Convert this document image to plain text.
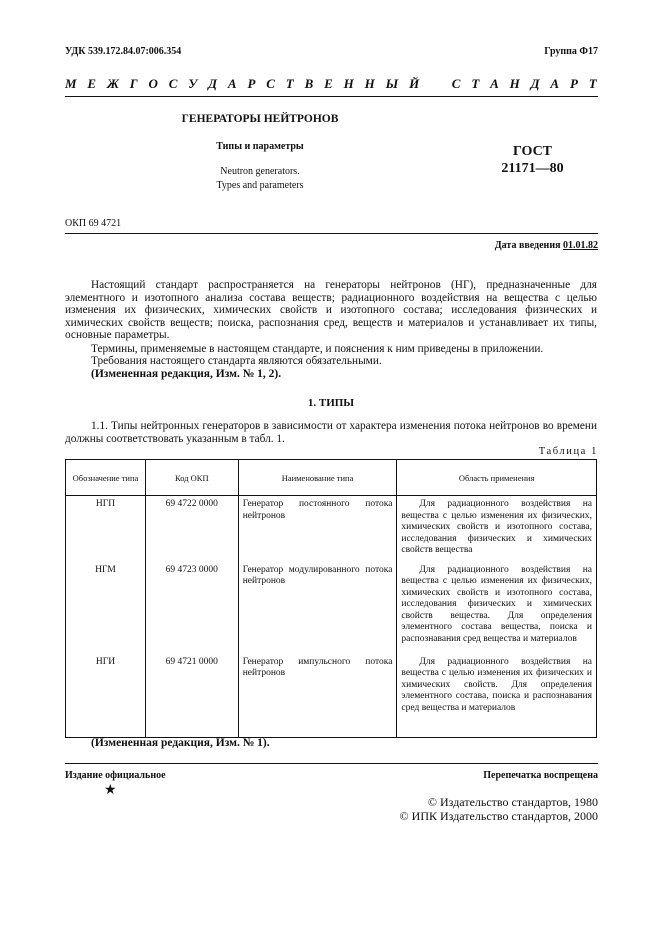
УДК 539.172.84.07:006.354	Группа Ф17
М Е Ж Г О С У Д А Р С Т В Е Н Н Ы Й	С Т А Н Д А Р Т
ГЕНЕРАТОРЫ НЕЙТРОНОВ
Типы и параметры
Neutron generators.
Types and parameters
ГОСТ
21171—80
ОКП 69 4721
Дата введения 01.01.82
Настоящий стандарт распространяется на генераторы нейтронов (НГ), предназначенные для элементного и изотопного анализа состава веществ; радиационного воздействия на вещества с целью изменения их физических, химических свойств и изотопного состава; исследования физических и химических свойств веществ; поиска, распознания сред, веществ и материалов и устанавливает их типы, основные параметры.
Термины, применяемые в настоящем стандарте, и пояснения к ним приведены в приложении.
Требования настоящего стандарта являются обязательными.
(Измененная редакция, Изм. № 1, 2).
1. ТИПЫ
1.1. Типы нейтронных генераторов в зависимости от характера изменения потока нейтронов во времени должны соответствовать указанным в табл. 1.
Таблица 1
Обозначение типа	Код ОКП	Наименование типа	Область применения
НГП	69 4722 0000	Генератор постоянного потока нейтронов	Для радиационного воздействия на вещества с целью изменения их физических, химических свойств и изотопного состава, исследования физических и химических свойств вещества

НГМ	69 4723 0000	Генератор модулированного потока нейтронов	Для радиационного воздействия на вещества с целью изменения их физических, химических свойств и изотопного состава, исследования физических и химических свойств вещества. Для определения элементного состава вещества, поиска и распознавания сред вещества и материалов

НГИ	69 4721 0000	Генератор импульсного потока нейтронов	Для радиационного воздействия на вещества с целью изменения их физических и химических свойств. Для определения элементного состава, поиска и распознавания сред вещества и материалов
(Измененная редакция, Изм. № 1).
Издание официальное
★
Перепечатка воспрещена
© Издательство стандартов, 1980
© ИПК Издательство стандартов, 2000
